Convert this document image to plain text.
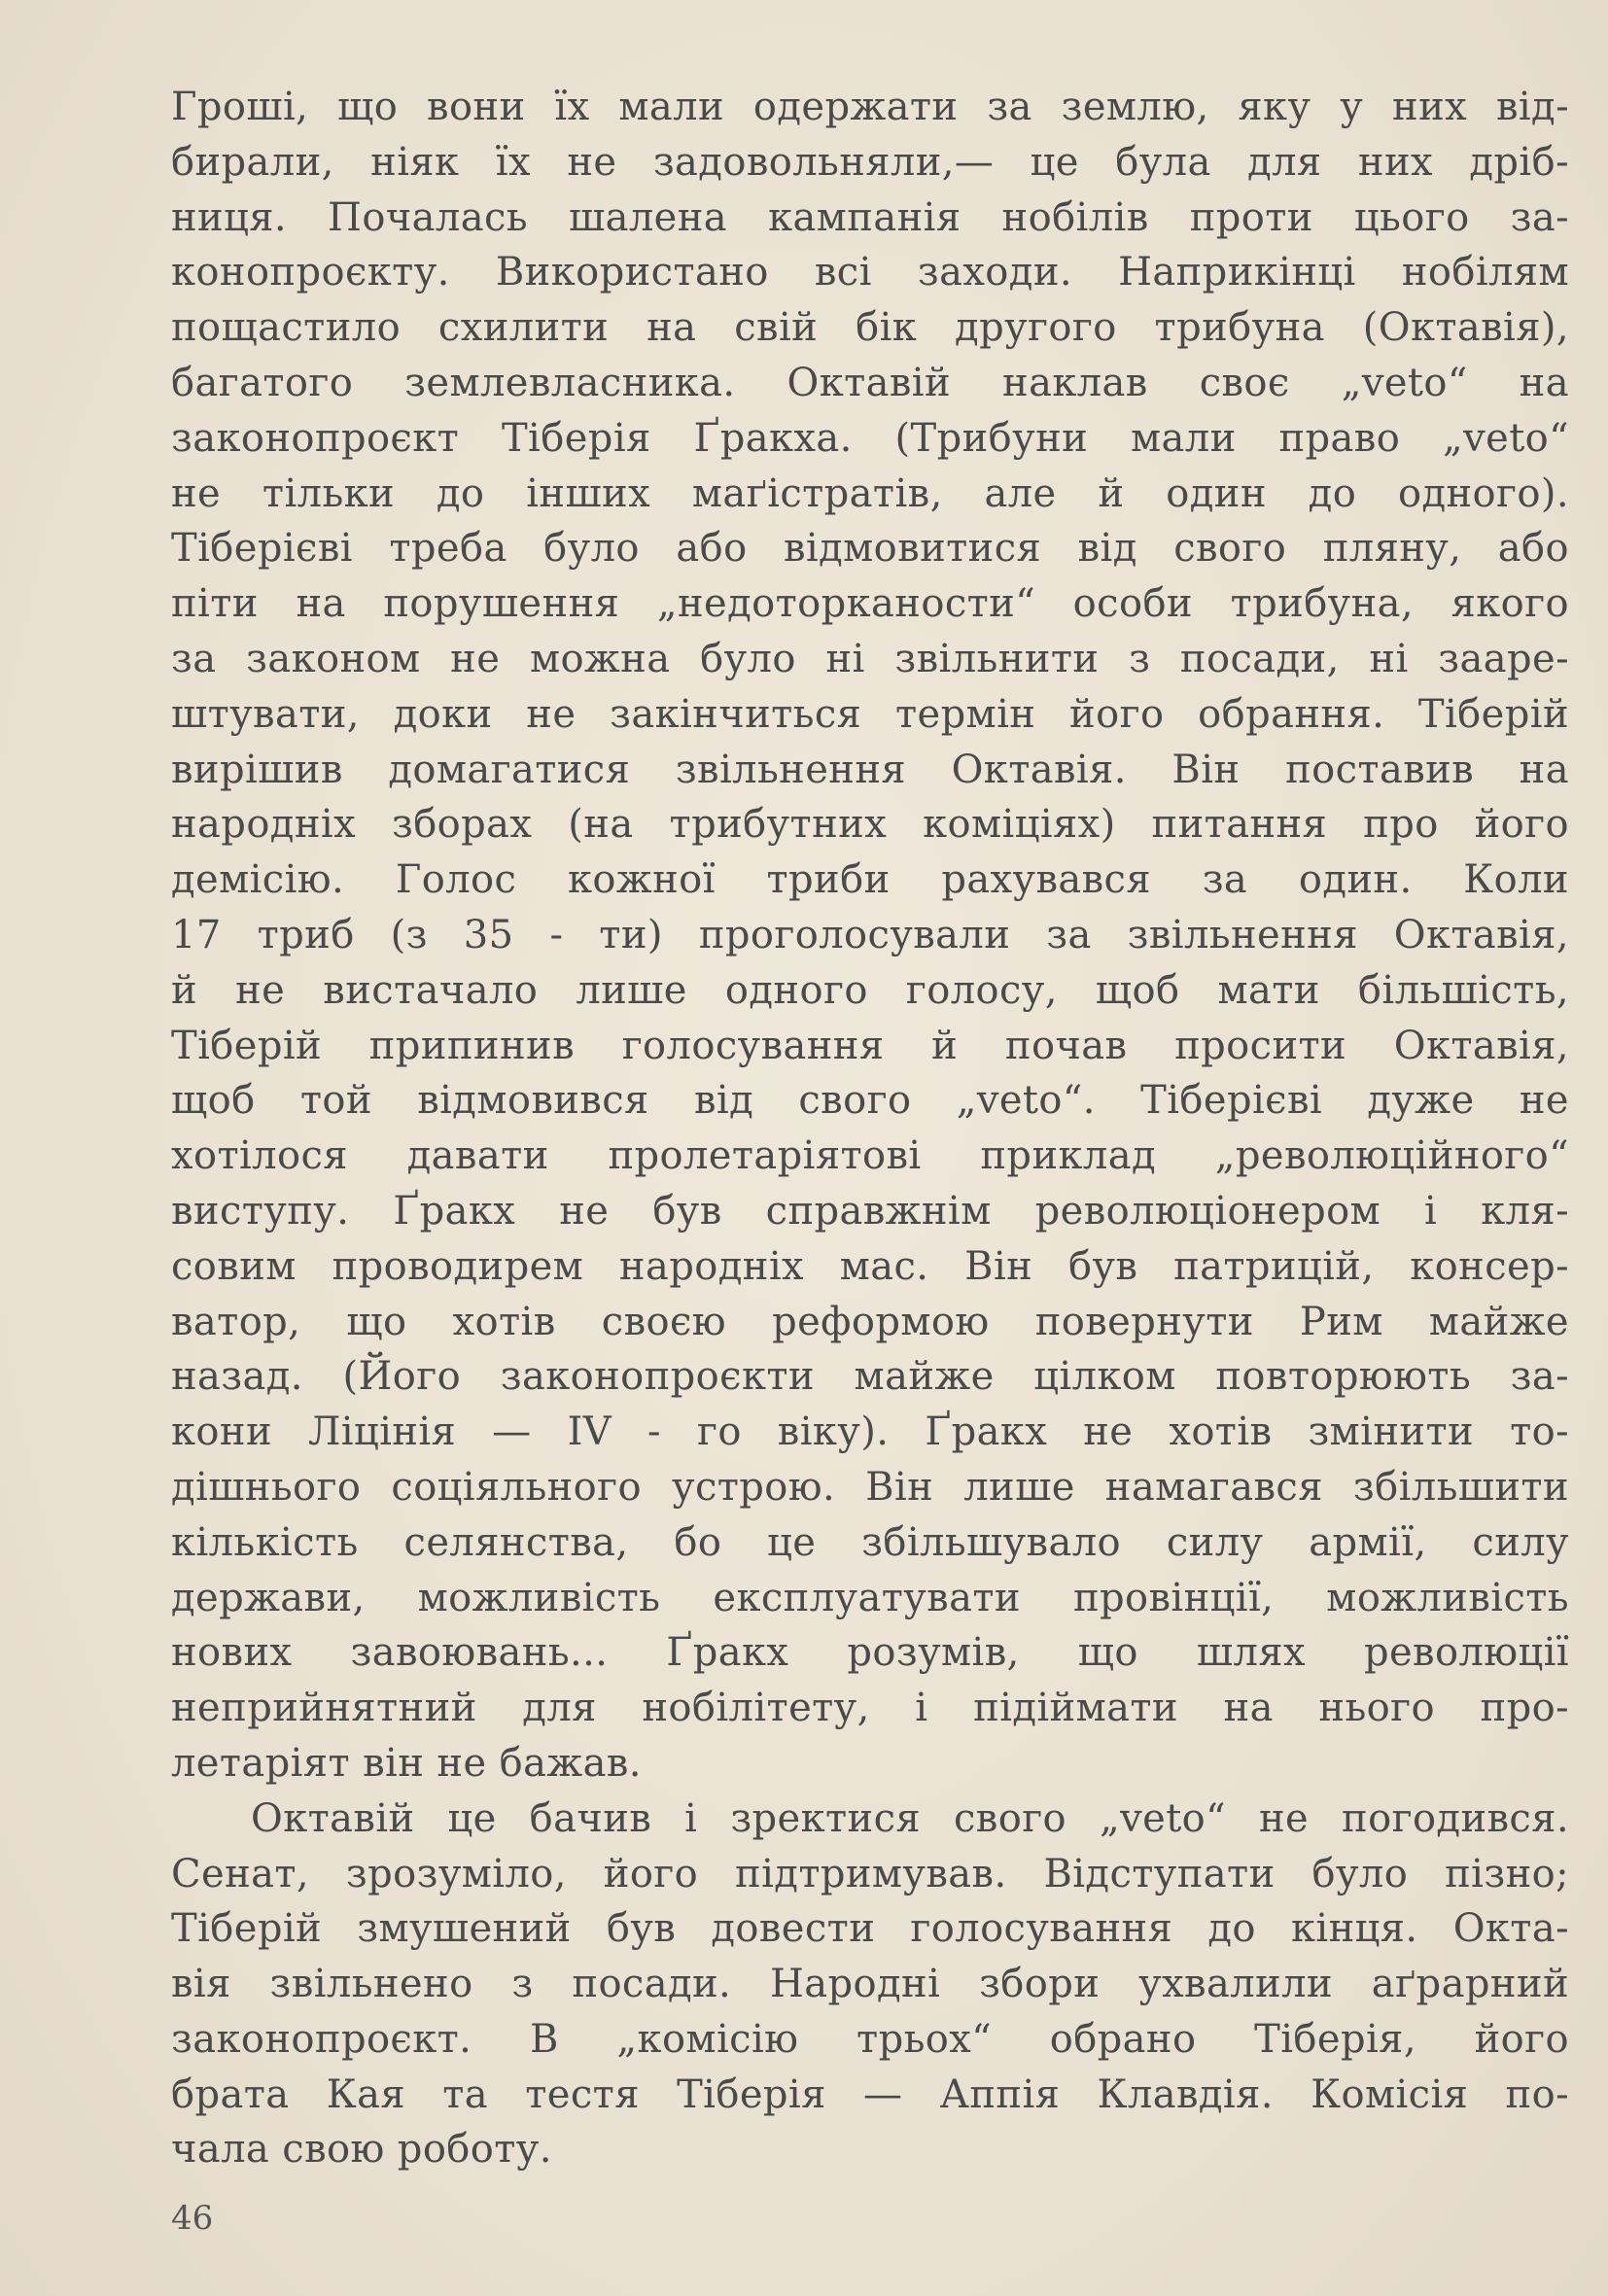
Гроші, що вони їх мали одержати за землю, яку у них від-
бирали, ніяк їх не задовольняли,— це була для них дріб-
ниця. Почалась шалена кампанія нобілів проти цього за-
конопроєкту. Використано всі заходи. Наприкінці нобілям
пощастило схилити на свій бік другого трибуна (Октавія),
багатого землевласника. Октавій наклав своє „veto“ на
законопроєкт Тіберія Ґракха. (Трибуни мали право „veto“
не тільки до інших маґістратів, але й один до одного).
Тіберієві треба було або відмовитися від свого пляну, або
піти на порушення „недоторканости“ особи трибуна, якого
за законом не можна було ні звільнити з посади, ні зааре-
штувати, доки не закінчиться термін його обрання. Тіберій
вирішив домагатися звільнення Октавія. Він поставив на
народніх зборах (на трибутних коміціях) питання про його
демісію. Голос кожної триби рахувався за один. Коли
17 триб (з 35 - ти) проголосували за звільнення Октавія,
й не вистачало лише одного голосу, щоб мати більшість,
Тіберій припинив голосування й почав просити Октавія,
щоб той відмовився від свого „veto“. Тіберієві дуже не
хотілося давати пролетаріятові приклад „революційного“
виступу. Ґракх не був справжнім революціонером і кля-
совим проводирем народніх мас. Він був патрицій, консер-
ватор, що хотів своєю реформою повернути Рим майже
назад. (Його законопроєкти майже цілком повторюють за-
кони Ліцінія — IV - го віку). Ґракх не хотів змінити то-
дішнього соціяльного устрою. Він лише намагався збільшити
кількість селянства, бо це збільшувало силу армії, силу
держави, можливість експлуатувати провінції, можливість
нових завоювань... Ґракх розумів, що шлях революції
неприйнятний для нобілітету, і підіймати на нього про-
летаріят він не бажав.
Октавій це бачив і зректися свого „veto“ не погодився.
Сенат, зрозуміло, його підтримував. Відступати було пізно;
Тіберій змушений був довести голосування до кінця. Окта-
вія звільнено з посади. Народні збори ухвалили аґрарний
законопроєкт. В „комісію трьох“ обрано Тіберія, його
брата Кая та тестя Тіберія — Аппія Клавдія. Комісія по-
чала свою роботу.
46
